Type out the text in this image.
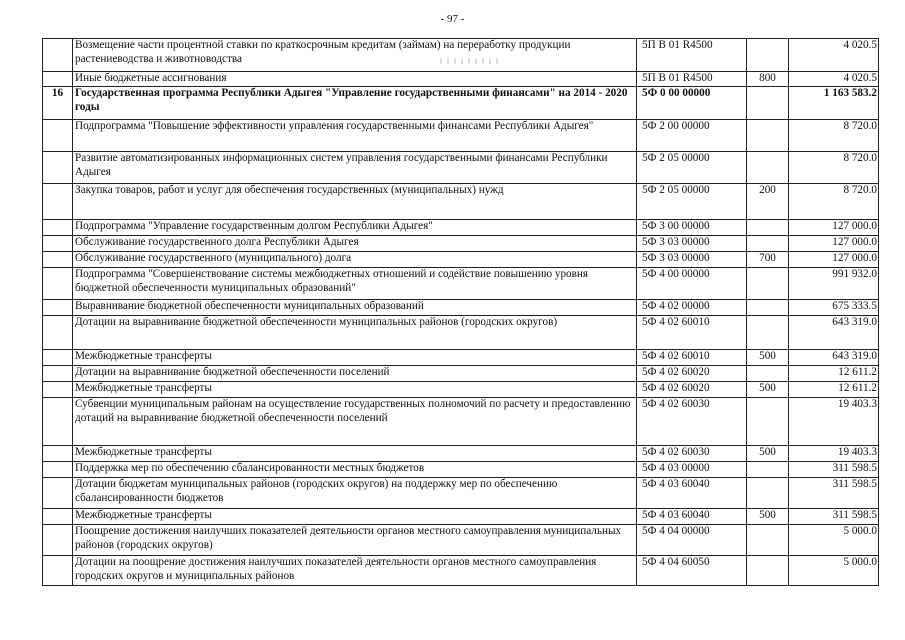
- 97 -
	Возмещение части процентной ставки по краткосрочным кредитам (займам) на переработку продукции растениеводства и животноводства	5П В 01 R4500		4 020.5
	Иные бюджетные ассигнования	5П В 01 R4500	800	4 020.5
16	Государственная программа Республики Адыгея "Управление государственными финансами" на 2014 - 2020 годы	5Ф 0 00 00000		1 163 583.2
	Подпрограмма "Повышение эффективности управления государственными финансами Республики Адыгея"	5Ф 2 00 00000		8 720.0
	Развитие автоматизированных информационных систем управления государственными финансами Республики Адыгея	5Ф 2 05 00000		8 720.0
	Закупка товаров, работ и услуг для обеспечения государственных (муниципальных) нужд	5Ф 2 05 00000	200	8 720.0
	Подпрограмма "Управление государственным долгом Республики Адыгея"	5Ф 3 00 00000		127 000.0
	Обслуживание государственного долга Республики Адыгея	5Ф 3 03 00000		127 000.0
	Обслуживание государственного (муниципального) долга	5Ф 3 03 00000	700	127 000.0
	Подпрограмма "Совершенствование системы межбюджетных отношений и содействие повышению уровня бюджетной обеспеченности муниципальных образований"	5Ф 4 00 00000		991 932.0
	Выравнивание бюджетной обеспеченности муниципальных образований	5Ф 4 02 00000		675 333.5
	Дотации на выравнивание бюджетной обеспеченности муниципальных районов (городских округов)	5Ф 4 02 60010		643 319.0
	Межбюджетные трансферты	5Ф 4 02 60010	500	643 319.0
	Дотации на выравнивание бюджетной обеспеченности поселений	5Ф 4 02 60020		12 611.2
	Межбюджетные трансферты	5Ф 4 02 60020	500	12 611.2
	Субвенции муниципальным районам на осуществление государственных полномочий по расчету и предоставлению дотаций на выравнивание бюджетной обеспеченности поселений	5Ф 4 02 60030		19 403.3
	Межбюджетные трансферты	5Ф 4 02 60030	500	19 403.3
	Поддержка мер по обеспечению сбалансированности местных бюджетов	5Ф 4 03 00000		311 598.5
	Дотации бюджетам муниципальных районов (городских округов) на поддержку мер по обеспечению сбалансированности бюджетов	5Ф 4 03 60040		311 598.5
	Межбюджетные трансферты	5Ф 4 03 60040	500	311 598.5
	Поощрение достижения наилучших показателей деятельности органов местного самоуправления муниципальных районов (городских округов)	5Ф 4 04 00000		5 000.0
	Дотации на поощрение достижения наилучших показателей деятельности органов местного самоуправления городских округов и муниципальных районов	5Ф 4 04 60050		5 000.0
